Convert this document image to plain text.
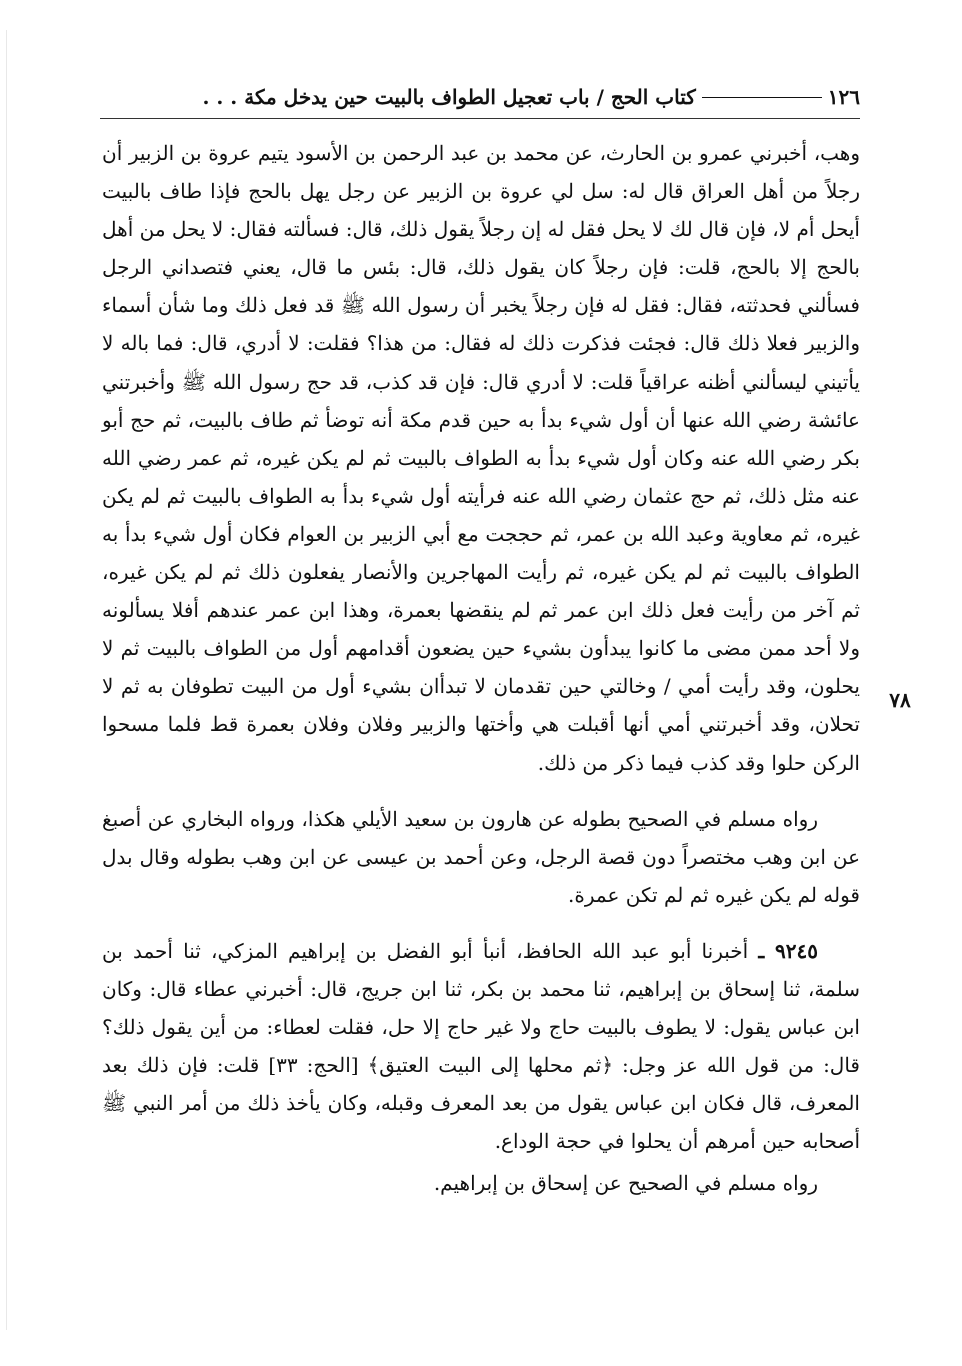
١٢٦
كتاب الحج / باب تعجيل الطواف بالبيت حين يدخل مكة . . .
٧٨

وهب، أخبرني عمرو بن الحارث، عن محمد بن عبد الرحمن بن الأسود يتيم عروة بن الزبير أن رجلاً من أهل العراق قال له: سل لي عروة بن الزبير عن رجل يهل بالحج فإذا طاف بالبيت أيحل أم لا، فإن قال لك لا يحل فقل له إن رجلاً يقول ذلك، قال: فسألته فقال: لا يحل من أهل بالحج إلا بالحج، قلت: فإن رجلاً كان يقول ذلك، قال: بئس ما قال، يعني فتصداني الرجل فسألني فحدثته، فقال: فقل له فإن رجلاً يخبر أن رسول الله ﷺ قد فعل ذلك وما شأن أسماء والزبير فعلا ذلك قال: فجئت فذكرت ذلك له فقال: من هذا؟ فقلت: لا أدري، قال: فما باله لا يأتيني ليسألني أظنه عراقياً قلت: لا أدري قال: فإن قد كذب، قد حج رسول الله ﷺ وأخبرتني عائشة رضي الله عنها أن أول شيء بدأ به حين قدم مكة أنه توضأ ثم طاف بالبيت، ثم حج أبو بكر رضي الله عنه وكان أول شيء بدأ به الطواف بالبيت ثم لم يكن غيره، ثم عمر رضي الله عنه مثل ذلك، ثم حج عثمان رضي الله عنه فرأيته أول شيء بدأ به الطواف بالبيت ثم لم يكن غيره، ثم معاوية وعبد الله بن عمر، ثم حججت مع أبي الزبير بن العوام فكان أول شيء بدأ به الطواف بالبيت ثم لم يكن غيره، ثم رأيت المهاجرين والأنصار يفعلون ذلك ثم لم يكن غيره، ثم آخر من رأيت فعل ذلك ابن عمر ثم لم ينقضها بعمرة، وهذا ابن عمر عندهم أفلا يسألونه ولا أحد ممن مضى ما كانوا يبدأون بشيء حين يضعون أقدامهم أول من الطواف بالبيت ثم لا يحلون، وقد رأيت أمي / وخالتي حين تقدمان لا تبدأان بشيء أول من البيت تطوفان به ثم لا تحلان، وقد أخبرتني أمي أنها أقبلت هي وأختها والزبير وفلان وفلان بعمرة قط فلما مسحوا الركن حلوا وقد كذب فيما ذكر من ذلك.

رواه مسلم في الصحيح بطوله عن هارون بن سعيد الأيلي هكذا، ورواه البخاري عن أصبغ عن ابن وهب مختصراً دون قصة الرجل، وعن أحمد بن عيسى عن ابن وهب بطوله وقال بدل قوله لم يكن غيره ثم لم تكن عمرة.

٩٢٤٥ ـ أخبرنا أبو عبد الله الحافظ، أنبأ أبو الفضل بن إبراهيم المزكي، ثنا أحمد بن سلمة، ثنا إسحاق بن إبراهيم، ثنا محمد بن بكر، ثنا ابن جريج، قال: أخبرني عطاء قال: وكان ابن عباس يقول: لا يطوف بالبيت حاج ولا غير حاج إلا حل، فقلت لعطاء: من أين يقول ذلك؟ قال: من قول الله عز وجل: ﴿ثم محلها إلى البيت العتيق﴾ [الحج: ٣٣] قلت: فإن ذلك بعد المعرف، قال فكان ابن عباس يقول من بعد المعرف وقبله، وكان يأخذ ذلك من أمر النبي ﷺ أصحابه حين أمرهم أن يحلوا في حجة الوداع.

رواه مسلم في الصحيح عن إسحاق بن إبراهيم.
